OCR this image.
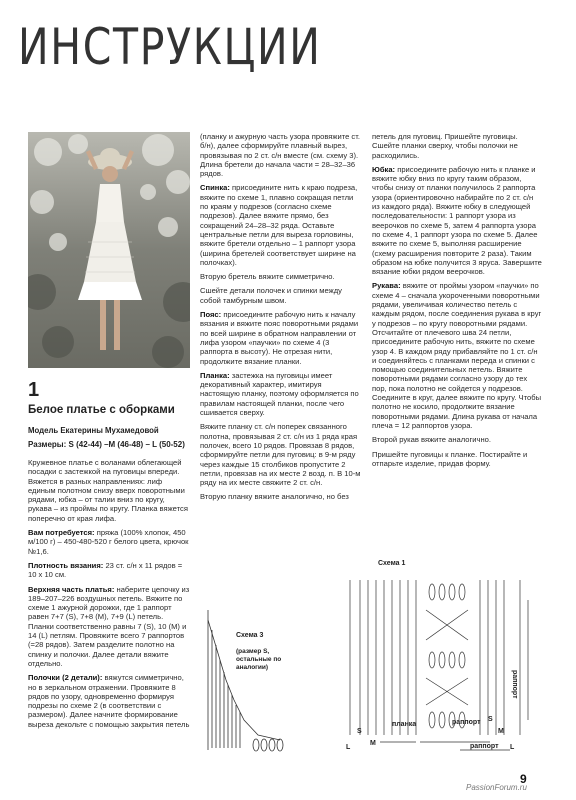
ИНСТРУКЦИИ
1
Белое платье с оборками
Модель Екатерины Мухамедовой
Размеры: S (42-44) –M (46-48) – L (50-52)

Кружевное платье с воланами облегающей посадки с застежкой на пуговицы впереди. Вяжется в разных направлениях: лиф единым полотном снизу вверх поворотными рядами, юбка – от талии вниз по кругу, рукава – из проймы по кругу. Планка вяжется поперечно от края лифа.

Вам потребуется: пряжа (100% хлопок, 450 м/100 г) – 450-480-520 г белого цвета, крючок №1,6.

Плотность вязания: 23 ст. с/н х 11 рядов = 10 х 10 см.

Верхняя часть платья: наберите цепочку из 189–207–226 воздушных петель. Вяжите по схеме 1 ажурной дорожки, где 1 раппорт равен 7+7 (S), 7+8 (M), 7+9 (L) петель. Планки соответственно равны 7 (S), 10 (M) и 14 (L) петлям. Провяжите всего 7 раппортов (=28 рядов). Затем разделите полотно на спинку и полочки. Далее детали вяжите отдельно.

Полочки (2 детали): вяжутся симметрично, но в зеркальном отражении. Провяжите 8 рядов по узору, одновременно формируя подрезы по схеме 2 (в соответствии с размером). Далее начните формирование выреза декольте с помощью закрытия петель

(планку и ажурную часть узора провяжите ст. б/н), далее сформируйте плавный вырез, провязывая по 2 ст. с/н вместе (см. схему 3). Длина бретели до начала части = 28–32–36 рядов.

Спинка: присоедините нить к краю подреза, вяжите по схеме 1, плавно сокращая петли по краям у подрезов (согласно схеме подрезов). Далее вяжите прямо, без сокращений 24–28–32 ряда. Оставьте центральные петли для выреза горловины, вяжите бретели отдельно – 1 раппорт узора (ширина бретелей соответствует ширине на полочках).

Вторую бретель вяжите симметрично.

Сшейте детали полочек и спинки между собой тамбурным швом.

Пояс: присоедините рабочую нить к началу вязания и вяжите пояс поворотными рядами по всей ширине в обратном направлении от лифа узором «паучки» по схеме 4 (3 раппорта в высоту). Не отрезая нити, продолжите вязание планки.

Планка: застежка на пуговицы имеет декоративный характер, имитируя настоящую планку, поэтому оформляется по правилам настоящей планки, после чего сшивается сверху.

Вяжите планку ст. с/н поперек связанного полотна, провязывая 2 ст. с/н из 1 ряда края полочек, всего 10 рядов. Провязав 8 рядов, сформируйте петли для пуговиц: в 9-м ряду через каждые 15 столбиков пропустите 2 петли, провязав на их месте 2 возд. п. В 10-м ряду на их месте свяжите 2 ст. с/н.

Вторую планку вяжите аналогично, но без

петель для пуговиц. Пришейте пуговицы. Сшейте планки сверху, чтобы полочки не расходились.

Юбка: присоедините рабочую нить к планке и вяжите юбку вниз по кругу таким образом, чтобы снизу от планки получилось 2 раппорта узора (ориентировочно набирайте по 2 ст. с/н из каждого ряда). Вяжите юбку в следующей последовательности: 1 раппорт узора из веерочков по схеме 5, затем 4 раппорта узора по схеме 4, 1 раппорт узора по схеме 5. Далее вяжите по схеме 5, выполняя расширение (схему расширения повторите 2 раза). Таким образом на юбке получится 3 яруса. Завершите вязание юбки рядом веерочков.

Рукава: вяжите от проймы узором «паучки» по схеме 4 – сначала укороченными поворотными рядами, увеличивая количество петель с каждым рядом, после соединения рукава в круг у подрезов – по кругу поворотными рядами. Отсчитайте от плечевого шва 24 петли, присоедините рабочую нить, вяжите по схеме узор 4. В каждом ряду прибавляйте по 1 ст. с/н и соединяйтесь с планками переда и спинки с помощью соединительных петель. Вяжите поворотными рядами согласно узору до тех пор, пока полотно не сойдется у подрезов. Соедините в круг, далее вяжите по кругу. Чтобы полотно не косило, продолжите вязание поворотными рядами. Длина рукава от начала плеча = 12 раппортов узора.

Второй рукав вяжите аналогично.

Пришейте пуговицы к планке. Постирайте и отпарьте изделие, придав форму.

Схема 3
(размер S, остальные по аналогии)
Схема 1
планка	раппорт
раппорт
раппорт
S
M
L
S
M
L
9
PassionForum.ru
